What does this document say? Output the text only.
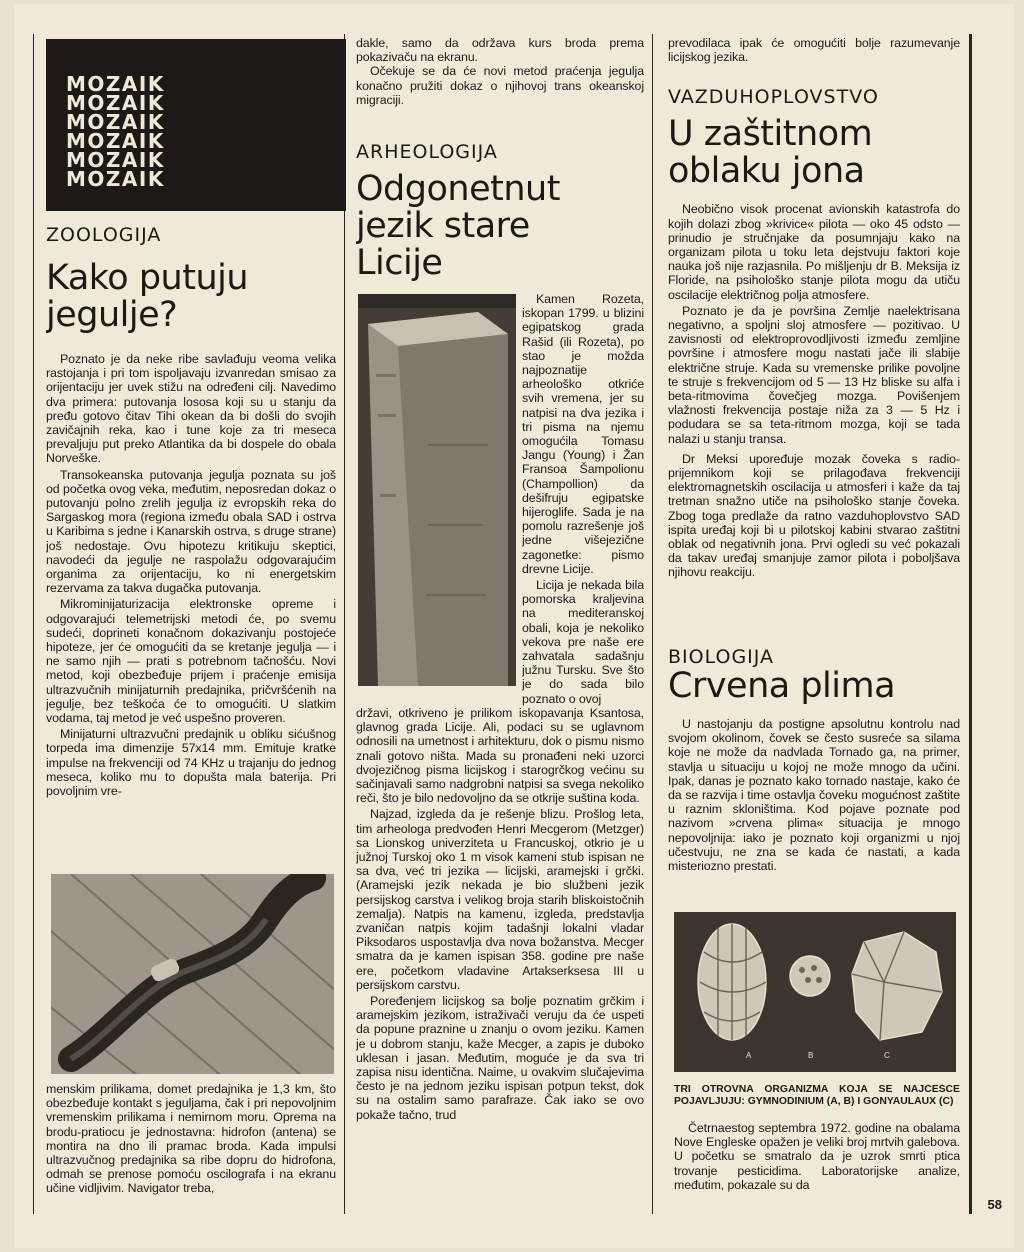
MOZAIK
MOZAIK
MOZAIK
MOZAIK
MOZAIK
MOZAIK
ZOOLOGIJA
Kako putuju jegulje?

Poznato je da neke ribe savlađuju veoma velika rastojanja i pri tom ispoljavaju izvanredan smisao za orijentaciju jer uvek stižu na određeni cilj. Navedimo dva primera: putovanja lososa koji su u stanju da pređu gotovo čitav Tihi okean da bi došli do svojih zavičajnih reka, kao i tune koje za tri meseca prevaljuju put preko Atlantika da bi dospele do obala Norveške.

Transokeanska putovanja jegulja poznata su još od početka ovog veka, međutim, neposredan dokaz o putovanju polno zrelih jegulja iz evropskih reka do Sargaskog mora (regiona između obala SAD i ostrva u Karibima s jedne i Kanarskih ostrva, s druge strane) još nedostaje. Ovu hipotezu kritikuju skeptici, navodeći da jegulje ne raspolažu odgovarajućim organima za orijentaciju, ko ni energetskim rezervama za takva dugačka putovanja.

Mikrominijaturizacija elektronske opreme i odgovarajući telemetrijski metodi će, po svemu sudeći, doprineti konačnom dokazivanju postojeće hipoteze, jer će omogućiti da se kretanje jegulja — i ne samo njih — prati s potrebnom tačnošću. Novi metod, koji obezbeđuje prijem i praćenje emisija ultrazvučnih minijaturnih predajnika, pričvršćenih na jegulje, bez teškoća će to omogućiti. U slatkim vodama, taj metod je već uspešno proveren.

Minijaturni ultrazvučni predajnik u obliku sićušnog torpeda ima dimenzije 57x14 mm. Emituje kratke impulse na frekvenciji od 74 KHz u trajanju do jednog meseca, koliko mu to dopušta mala baterija. Pri povoljnim vre-

menskim prilikama, domet predajnika je 1,3 km, što obezbeđuje kontakt s jeguljama, čak i pri nepovoljnim vremenskim prilikama i nemirnom moru. Oprema na brodu-pratiocu je jednostavna: hidrofon (antena) se montira na dno ili pramac broda. Kada impulsi ultrazvučnog predajnika sa ribe dopru do hidrofona, odmah se prenose pomoću oscilografa i na ekranu učine vidljivim. Navigator treba,

dakle, samo da održava kurs broda prema pokazivaču na ekranu.

Očekuje se da će novi metod praćenja jegulja konačno pružiti dokaz o njihovoj trans okeanskoj migraciji.

ARHEOLOGIJA
Odgonetnut jezik stare Licije

Kamen Rozeta, iskopan 1799. u blizini egipatskog grada Rašid (ili Rozeta), po stao je možda najpoznatije arheološko otkriće svih vremena, jer su natpisi na dva jezika i tri pisma na njemu omogućila Tomasu Jangu (Young) i Žan Fransoa Šampolionu (Champollion) da dešifruju egipatske hijeroglife. Sada je na pomolu razrešenje još jedne višejezične zagonetke: pismo drevne Licije.

Licija je nekada bila pomorska kraljevina na mediteranskoj obali, koja je nekoliko vekova pre naše ere zahvatala sadašnju južnu Tursku. Sve što je do sada bilo poznato o ovoj

državi, otkriveno je prilikom iskopavanja Ksantosa, glavnog grada Licije. Ali, podaci su se uglavnom odnosili na umetnost i arhitekturu, dok o pismu nismo znali gotovo ništa. Mada su pronađeni neki uzorci dvojezičnog pisma licijskog i starogrčkog većinu su sačinjavali samo nadgrobni natpisi sa svega nekoliko reči, što je bilo nedovoljno da se otkrije suština koda.

Najzad, izgleda da je rešenje blizu. Prošlog leta, tim arheologa predvođen Henri Mecgerom (Metzger) sa Lionskog univerziteta u Francuskoj, otkrio je u južnoj Turskoj oko 1 m visok kameni stub ispisan ne sa dva, već tri jezika — licijski, aramejski i grčki. (Aramejski jezik nekada je bio službeni jezik persijskog carstva i velikog broja starih bliskoistočnih zemalja). Natpis na kamenu, izgleda, predstavlja zvaničan natpis kojim tadašnji lokalni vladar Piksodaros uspostavlja dva nova božanstva. Mecger smatra da je kamen ispisan 358. godine pre naše ere, početkom vladavine Artakserksesa III u persijskom carstvu.

Poređenjem licijskog sa bolje poznatim grčkim i aramejskim jezikom, istraživači veruju da će uspeti da popune praznine u znanju o ovom jeziku. Kamen je u dobrom stanju, kaže Mecger, a zapis je duboko uklesan i jasan. Međutim, moguće je da sva tri zapisa nisu identična. Naime, u ovakvim slučajevima često je na jednom jeziku ispisan potpun tekst, dok su na ostalim samo parafraze. Čak iako se ovo pokaže tačno, trud

prevodilaca ipak će omogućiti bolje razumevanje licijskog jezika.

VAZDUHOPLOVSTVO
U zaštitnom oblaku jona

Neobično visok procenat avionskih katastrofa do kojih dolazi zbog »krivice« pilota — oko 45 odsto — prinudio je stručnjake da posumnjaju kako na organizam pilota u toku leta dejstvuju faktori koje nauka još nije razjasnila. Po mišljenju dr B. Meksija iz Floride, na psihološko stanje pilota mogu da utiču oscilacije električnog polja atmosfere.

Poznato je da je površina Zemlje naelektrisana negativno, a spoljni sloj atmosfere — pozitivao. U zavisnosti od elektroprovodljivosti između zemljine površine i atmosfere mogu nastati jače ili slabije električne struje. Kada su vremenske prilike povoljne te struje s frekvencijom od 5 — 13 Hz bliske su alfa i beta-ritmovima čovečjeg mozga. Povišenjem vlažnosti frekvencija postaje niža za 3 — 5 Hz i podudara se sa teta-ritmom mozga, koji se tada nalazi u stanju transa.

Dr Meksi upoređuje mozak čoveka s radio-prijemnikom koji se prilagođava frekvenciji elektromagnetskih oscilacija u atmosferi i kaže da taj tretman snažno utiče na psihološko stanje čoveka. Zbog toga predlaže da ratno vazduhoplovstvo SAD ispita uređaj koji bi u pilotskoj kabini stvarao zaštitni oblak od negativnih jona. Prvi ogledi su već pokazali da takav uređaj smanjuje zamor pilota i poboljšava njihovu reakciju.

BIOLOGIJA
Crvena plima

U nastojanju da postigne apsolutnu kontrolu nad svojom okolinom, čovek se često susreće sa silama koje ne može da nadvlada Tornado ga, na primer, stavlja u situaciju u kojoj ne može mnogo da učini. Ipak, danas je poznato kako tornado nastaje, kako će da se razvija i time ostavlja čoveku mogućnost zaštite u raznim skloništima. Kod pojave poznate pod nazivom »crvena plima« situacija je mnogo nepovoljnija: iako je poznato koji organizmi u njoj učestvuju, ne zna se kada će nastati, a kada misteriozno prestati.

A	B	C

TRI OTROVNA ORGANIZMA KOJA SE NAJČEŠĆE POJAVLJUJU: GYMNODINIUM (A, B) I GONYAULAUX (C)

Četrnaestog septembra 1972. godine na obalama Nove Engleske opažen je veliki broj mrtvih galebova. U početku se smatralo da je uzrok smrti ptica trovanje pesticidima. Laboratorijske analize, međutim, pokazale su da

58
